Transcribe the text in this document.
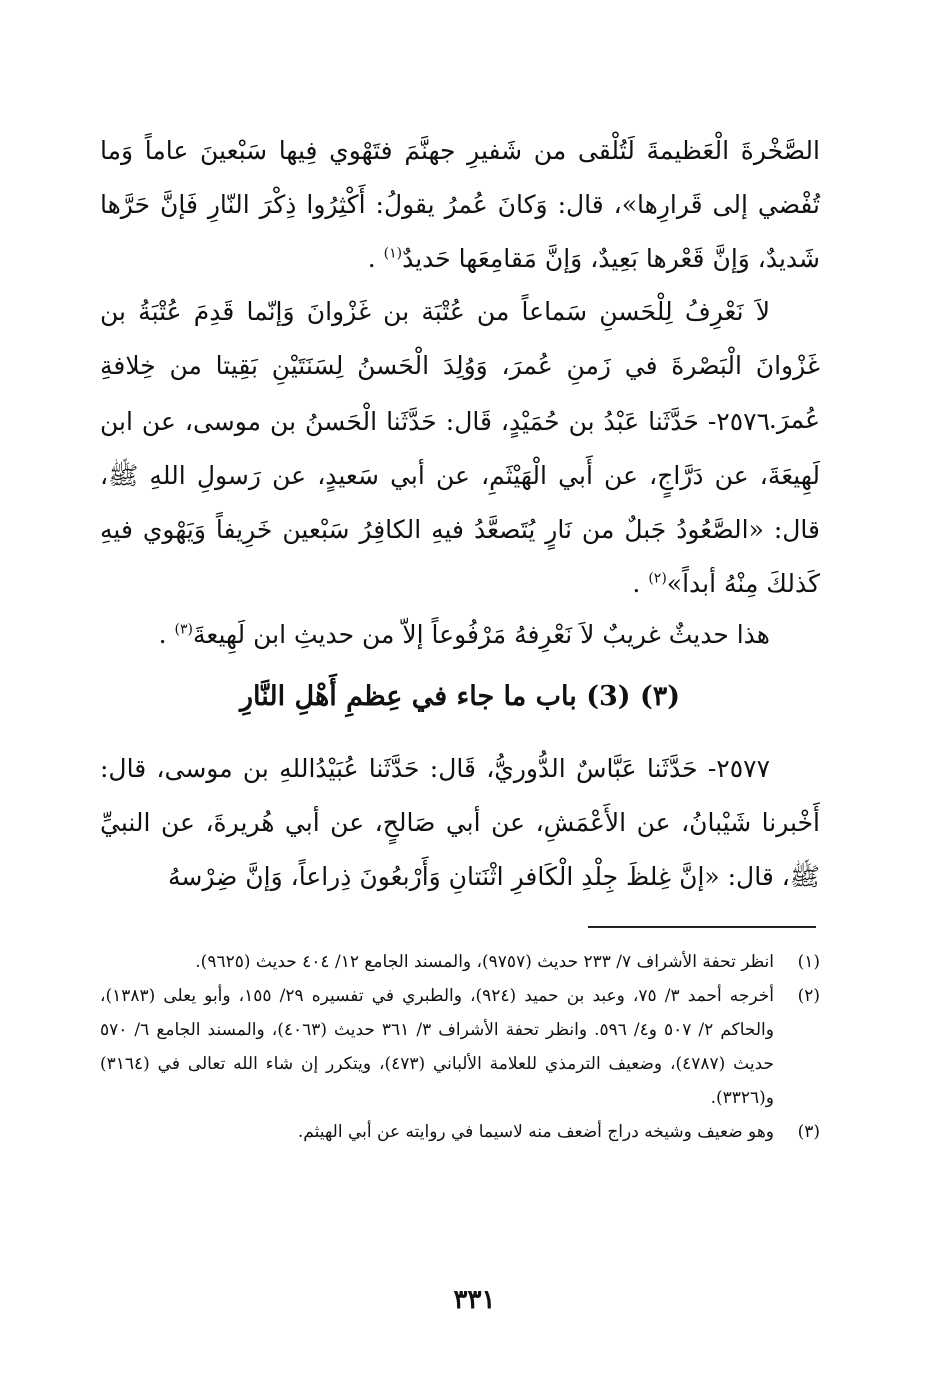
الصَّخْرةَ الْعَظيمةَ لَتُلْقى من شَفيرِ جهنَّمَ فتَهْوي فِيها سَبْعينَ عاماً وَما تُفْضي إلى قَرارِها»، قال: وَكانَ عُمرُ يقولُ: أَكْثِرُوا ذِكْرَ النّارِ فَإنَّ حَرَّها شَديدٌ، وَإنَّ قَعْرها بَعِيدٌ، وَإنَّ مَقامِعَها حَديدٌ$^{(١)}$ .

لاَ نَعْرِفُ لِلْحَسنِ سَماعاً من عُتْبَة بن غَزْوانَ وَإنّما قَدِمَ عُتْبَةُ بن غَزْوانَ الْبَصْرةَ في زَمنِ عُمرَ، وَوُلِدَ الْحَسنُ لِسَنَتَيْنِ بَقِيتا من خِلافةِ عُمرَ.

٢٥٧٦- حَدَّثَنا عَبْدُ بن حُمَيْدٍ، قَال: حَدَّثَنا الْحَسنُ بن موسى، عن ابن لَهِيعَةَ، عن دَرَّاجٍ، عن أَبي الْهَيْثَمِ، عن أبي سَعيدٍ، عن رَسولِ اللهِ ﷺ، قال: «الصَّعُودُ جَبلٌ من نَارٍ يُتَصعَّدُ فيهِ الكافِرُ سَبْعين خَرِيفاً وَيَهْوي فيهِ كَذلكَ مِنْهُ أبداً»$^{(٢)}$ .

هذا حديثٌ غريبٌ لاَ نَعْرِفهُ مَرْفُوعاً إلاّ من حديثِ ابن لَهِيعةَ$^{(٣)}$ .

(٣) (3) باب ما جاء في عِظمِ أَهْلِ النَّارِ

٢٥٧٧- حَدَّثَنا عَبَّاسٌ الدُّوريُّ، قَال: حَدَّثَنا عُبَيْدُاللهِ بن موسى، قال: أَخْبرنا شَيْبانُ، عن الأَعْمَشِ، عن أبي صَالحٍ، عن أبي هُريرةَ، عن النبيِّ ﷺ، قال: «إنَّ غِلظَ جِلْدِ الْكَافرِ اثْنَتانِ وَأَرْبعُونَ ذِراعاً، وَإنَّ ضِرْسهُ

(١)
انظر تحفة الأشراف ٧/ ٢٣٣ حديث (٩٧٥٧)، والمسند الجامع ١٢/ ٤٠٤ حديث (٩٦٢٥).
(٢)
أخرجه أحمد ٣/ ٧٥، وعبد بن حميد (٩٢٤)، والطبري في تفسيره ٢٩/ ١٥٥، وأبو يعلى (١٣٨٣)، والحاكم ٢/ ٥٠٧ و٤/ ٥٩٦. وانظر تحفة الأشراف ٣/ ٣٦١ حديث (٤٠٦٣)، والمسند الجامع ٦/ ٥٧٠ حديث (٤٧٨٧)، وضعيف الترمذي للعلامة الألباني (٤٧٣)، ويتكرر إن شاء الله تعالى في (٣١٦٤) و(٣٣٢٦).
(٣)
وهو ضعيف وشيخه دراج أضعف منه لاسيما في روايته عن أبي الهيثم.
٣٣١
